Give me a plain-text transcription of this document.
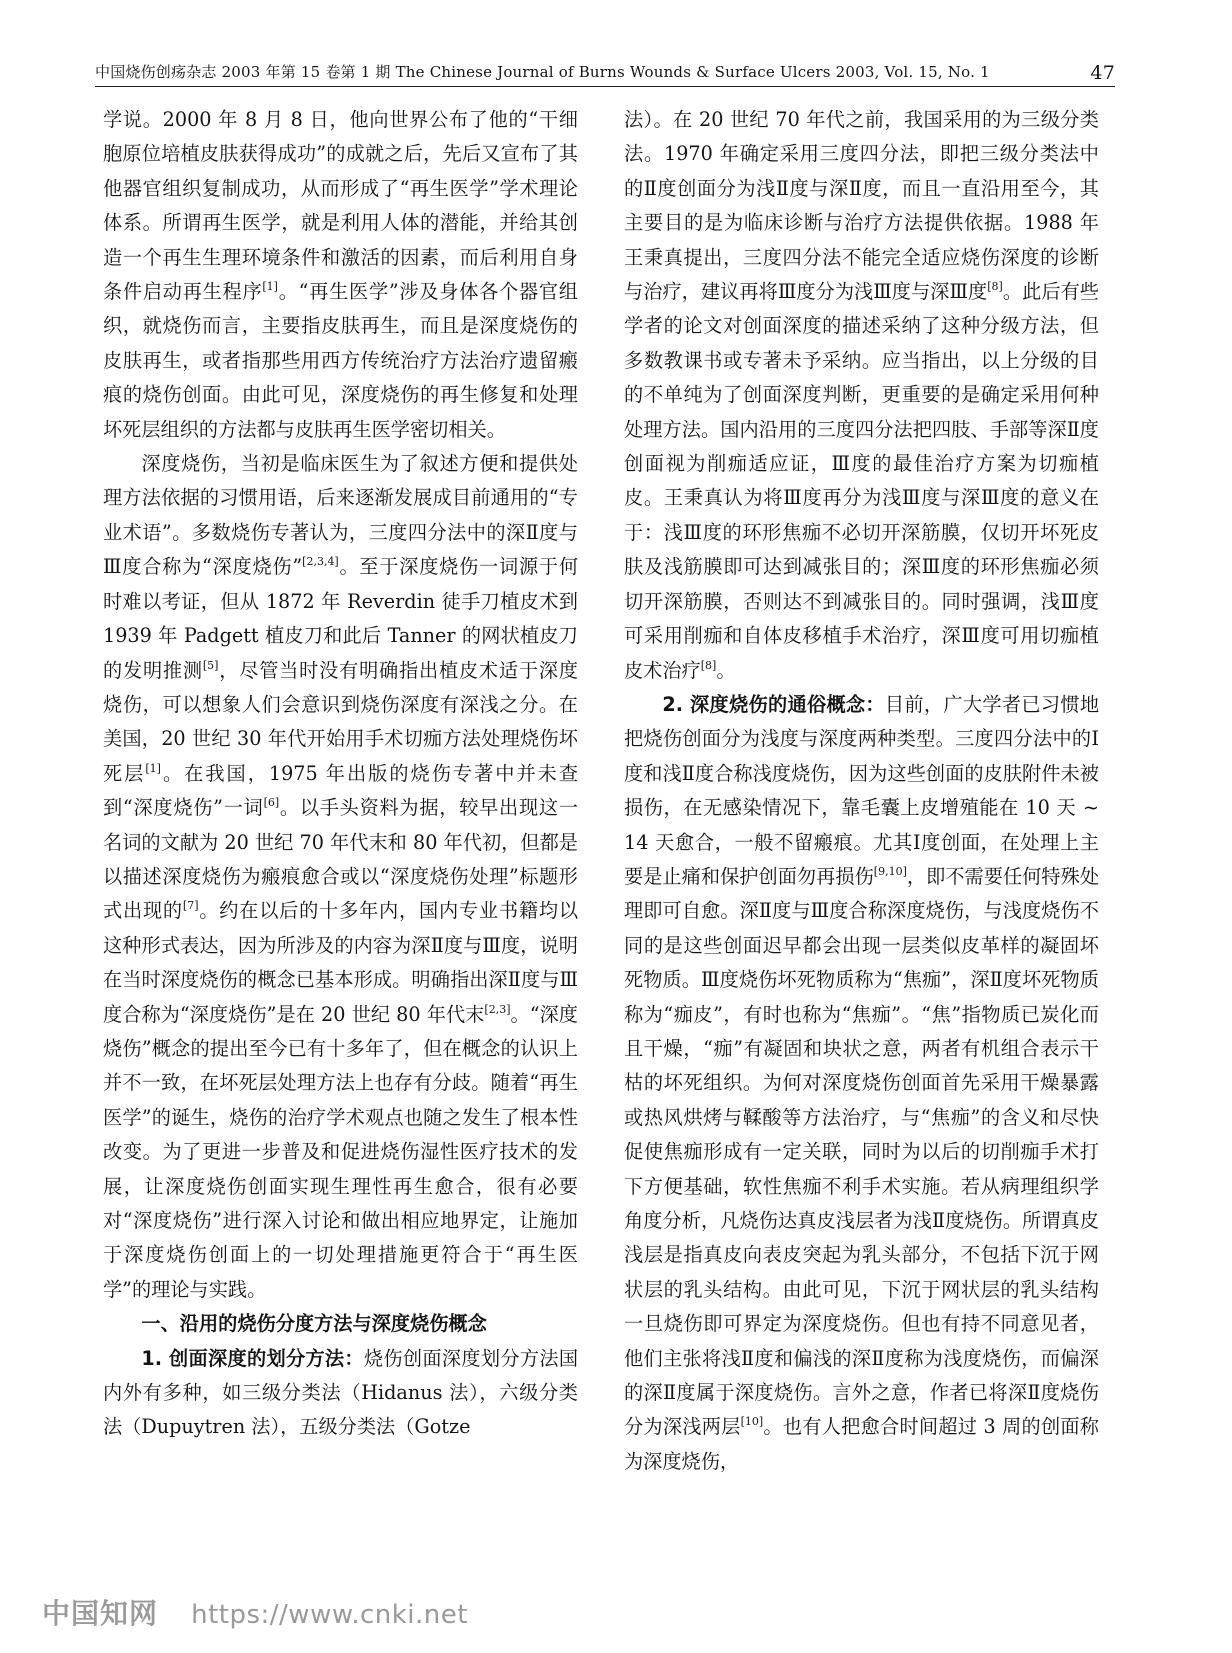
中国烧伤创疡杂志 2003 年第 15 卷第 1 期 The Chinese Journal of Burns Wounds & Surface Ulcers 2003, Vol. 15, No. 1	47

学说。2000 年 8 月 8 日，他向世界公布了他的“干细胞原位培植皮肤获得成功”的成就之后，先后又宣布了其他器官组织复制成功，从而形成了“再生医学”学术理论体系。所谓再生医学，就是利用人体的潜能，并给其创造一个再生生理环境条件和激活的因素，而后利用自身条件启动再生程序[1]。“再生医学”涉及身体各个器官组织，就烧伤而言，主要指皮肤再生，而且是深度烧伤的皮肤再生，或者指那些用西方传统治疗方法治疗遗留瘢痕的烧伤创面。由此可见，深度烧伤的再生修复和处理坏死层组织的方法都与皮肤再生医学密切相关。

深度烧伤，当初是临床医生为了叙述方便和提供处理方法依据的习惯用语，后来逐渐发展成目前通用的“专业术语”。多数烧伤专著认为，三度四分法中的深Ⅱ度与Ⅲ度合称为“深度烧伤”[2,3,4]。至于深度烧伤一词源于何时难以考证，但从 1872 年 Reverdin 徒手刀植皮术到 1939 年 Padgett 植皮刀和此后 Tanner 的网状植皮刀的发明推测[5]，尽管当时没有明确指出植皮术适于深度烧伤，可以想象人们会意识到烧伤深度有深浅之分。在美国，20 世纪 30 年代开始用手术切痂方法处理烧伤坏死层[1]。在我国，1975 年出版的烧伤专著中并未查到“深度烧伤”一词[6]。以手头资料为据，较早出现这一名词的文献为 20 世纪 70 年代末和 80 年代初，但都是以描述深度烧伤为瘢痕愈合或以“深度烧伤处理”标题形式出现的[7]。约在以后的十多年内，国内专业书籍均以这种形式表达，因为所涉及的内容为深Ⅱ度与Ⅲ度，说明在当时深度烧伤的概念已基本形成。明确指出深Ⅱ度与Ⅲ度合称为“深度烧伤”是在 20 世纪 80 年代末[2,3]。“深度烧伤”概念的提出至今已有十多年了，但在概念的认识上并不一致，在坏死层处理方法上也存有分歧。随着“再生医学”的诞生，烧伤的治疗学术观点也随之发生了根本性改变。为了更进一步普及和促进烧伤湿性医疗技术的发展，让深度烧伤创面实现生理性再生愈合，很有必要对“深度烧伤”进行深入讨论和做出相应地界定，让施加于深度烧伤创面上的一切处理措施更符合于“再生医学”的理论与实践。

一、沿用的烧伤分度方法与深度烧伤概念

1. 创面深度的划分方法：烧伤创面深度划分方法国内外有多种，如三级分类法（Hidanus 法），六级分类法（Dupuytren 法），五级分类法（Gotze

法）。在 20 世纪 70 年代之前，我国采用的为三级分类法。1970 年确定采用三度四分法，即把三级分类法中的Ⅱ度创面分为浅Ⅱ度与深Ⅱ度，而且一直沿用至今，其主要目的是为临床诊断与治疗方法提供依据。1988 年王秉真提出，三度四分法不能完全适应烧伤深度的诊断与治疗，建议再将Ⅲ度分为浅Ⅲ度与深Ⅲ度[8]。此后有些学者的论文对创面深度的描述采纳了这种分级方法，但多数教课书或专著未予采纳。应当指出，以上分级的目的不单纯为了创面深度判断，更重要的是确定采用何种处理方法。国内沿用的三度四分法把四肢、手部等深Ⅱ度创面视为削痂适应证，Ⅲ度的最佳治疗方案为切痂植皮。王秉真认为将Ⅲ度再分为浅Ⅲ度与深Ⅲ度的意义在于：浅Ⅲ度的环形焦痂不必切开深筋膜，仅切开坏死皮肤及浅筋膜即可达到减张目的；深Ⅲ度的环形焦痂必须切开深筋膜，否则达不到减张目的。同时强调，浅Ⅲ度可采用削痂和自体皮移植手术治疗，深Ⅲ度可用切痂植皮术治疗[8]。

2. 深度烧伤的通俗概念：目前，广大学者已习惯地把烧伤创面分为浅度与深度两种类型。三度四分法中的Ⅰ度和浅Ⅱ度合称浅度烧伤，因为这些创面的皮肤附件未被损伤，在无感染情况下，靠毛囊上皮增殖能在 10 天 ~ 14 天愈合，一般不留瘢痕。尤其Ⅰ度创面，在处理上主要是止痛和保护创面勿再损伤[9,10]，即不需要任何特殊处理即可自愈。深Ⅱ度与Ⅲ度合称深度烧伤，与浅度烧伤不同的是这些创面迟早都会出现一层类似皮革样的凝固坏死物质。Ⅲ度烧伤坏死物质称为“焦痂”，深Ⅱ度坏死物质称为“痂皮”，有时也称为“焦痂”。“焦”指物质已炭化而且干燥，“痂”有凝固和块状之意，两者有机组合表示干枯的坏死组织。为何对深度烧伤创面首先采用干燥暴露或热风烘烤与鞣酸等方法治疗，与“焦痂”的含义和尽快促使焦痂形成有一定关联，同时为以后的切削痂手术打下方便基础，软性焦痂不利手术实施。若从病理组织学角度分析，凡烧伤达真皮浅层者为浅Ⅱ度烧伤。所谓真皮浅层是指真皮向表皮突起为乳头部分，不包括下沉于网状层的乳头结构。由此可见，下沉于网状层的乳头结构一旦烧伤即可界定为深度烧伤。但也有持不同意见者，他们主张将浅Ⅱ度和偏浅的深Ⅱ度称为浅度烧伤，而偏深的深Ⅱ度属于深度烧伤。言外之意，作者已将深Ⅱ度烧伤分为深浅两层[10]。也有人把愈合时间超过 3 周的创面称为深度烧伤，

中国知网 https://www.cnki.net
